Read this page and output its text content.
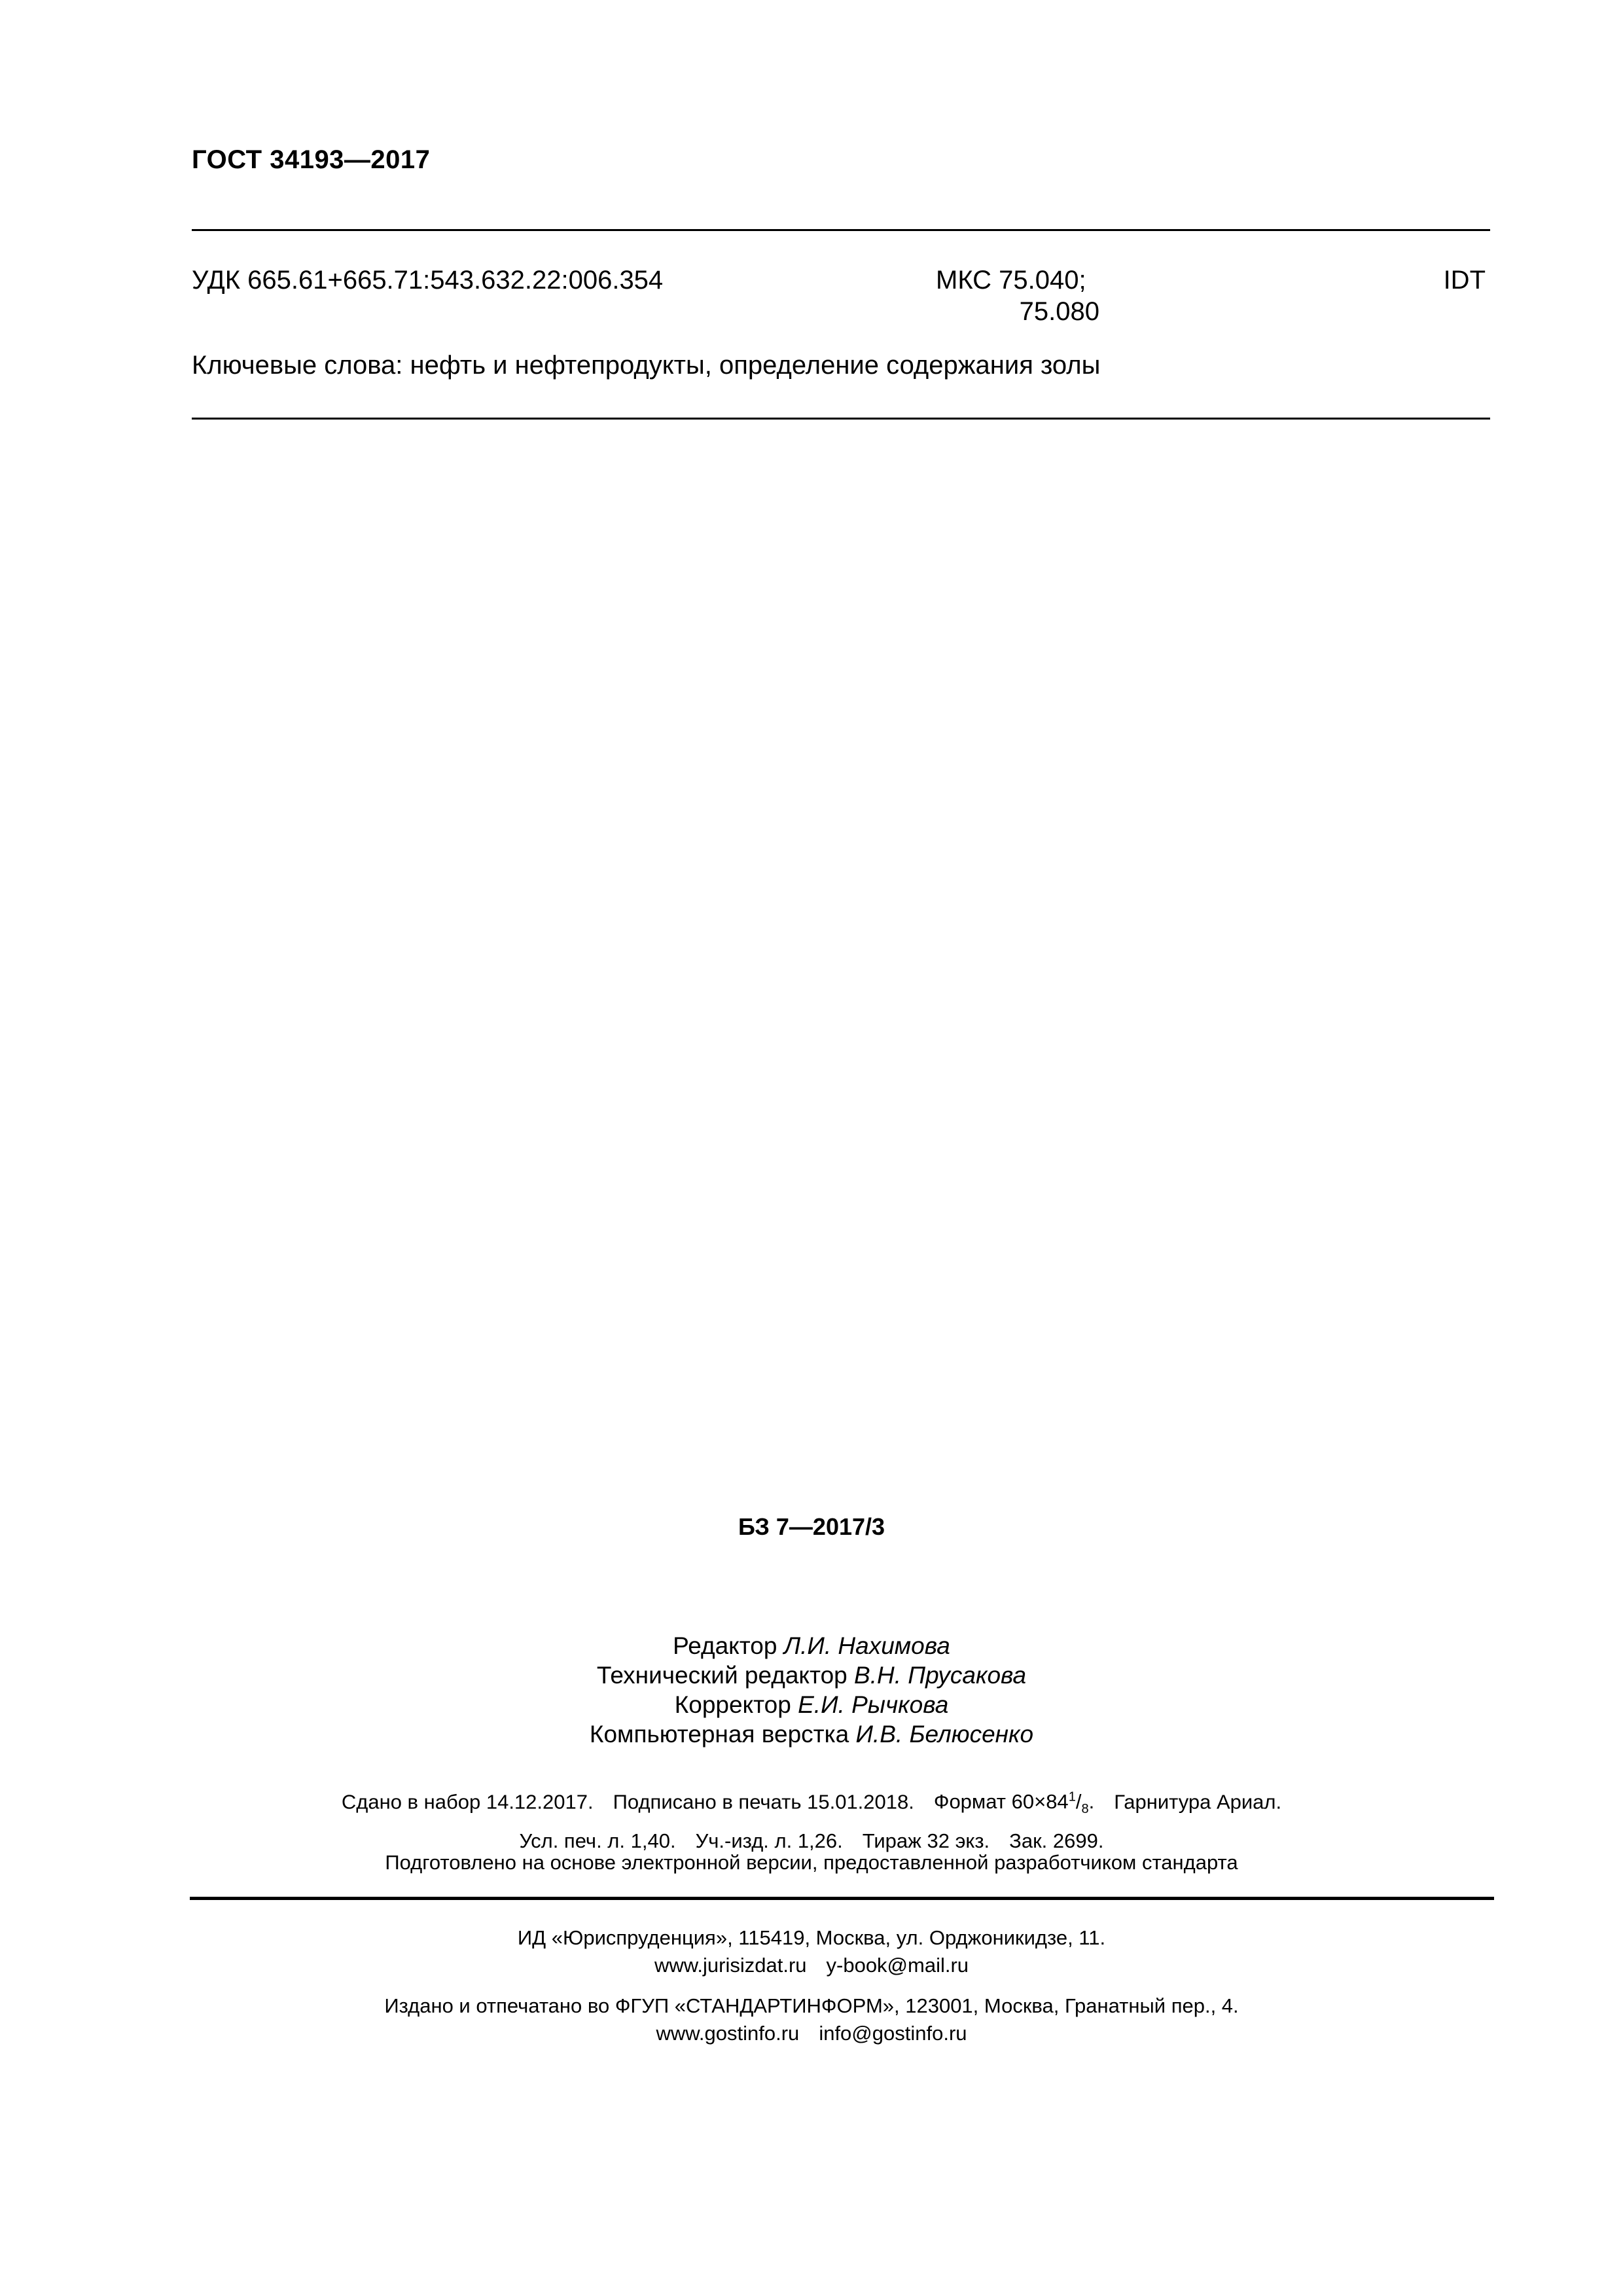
ГОСТ 34193—2017
УДК 665.61+665.71:543.632.22:006.354	МКС 75.040;
75.080
IDT
Ключевые слова: нефть и нефтепродукты, определение содержания золы
БЗ 7—2017/3
Редактор Л.И. Нахимова
Технический редактор В.Н. Прусакова
Корректор Е.И. Рычкова
Компьютерная верстка И.В. Белюсенко
Сдано в набор 14.12.2017. Подписано в печать 15.01.2018. Формат $60\times 84^1/_8$. Гарнитура Ариал.
Усл. печ. л. 1,40. Уч.-изд. л. 1,26. Тираж 32 экз. Зак. 2699.
Подготовлено на основе электронной версии, предоставленной разработчиком стандарта
ИД «Юриспруденция», 115419, Москва, ул. Орджоникидзе, 11.
www.jurisizdat.ru y-book@mail.ru
Издано и отпечатано во ФГУП «СТАНДАРТИНФОРМ», 123001, Москва, Гранатный пер., 4.
www.gostinfo.ru info@gostinfo.ru
